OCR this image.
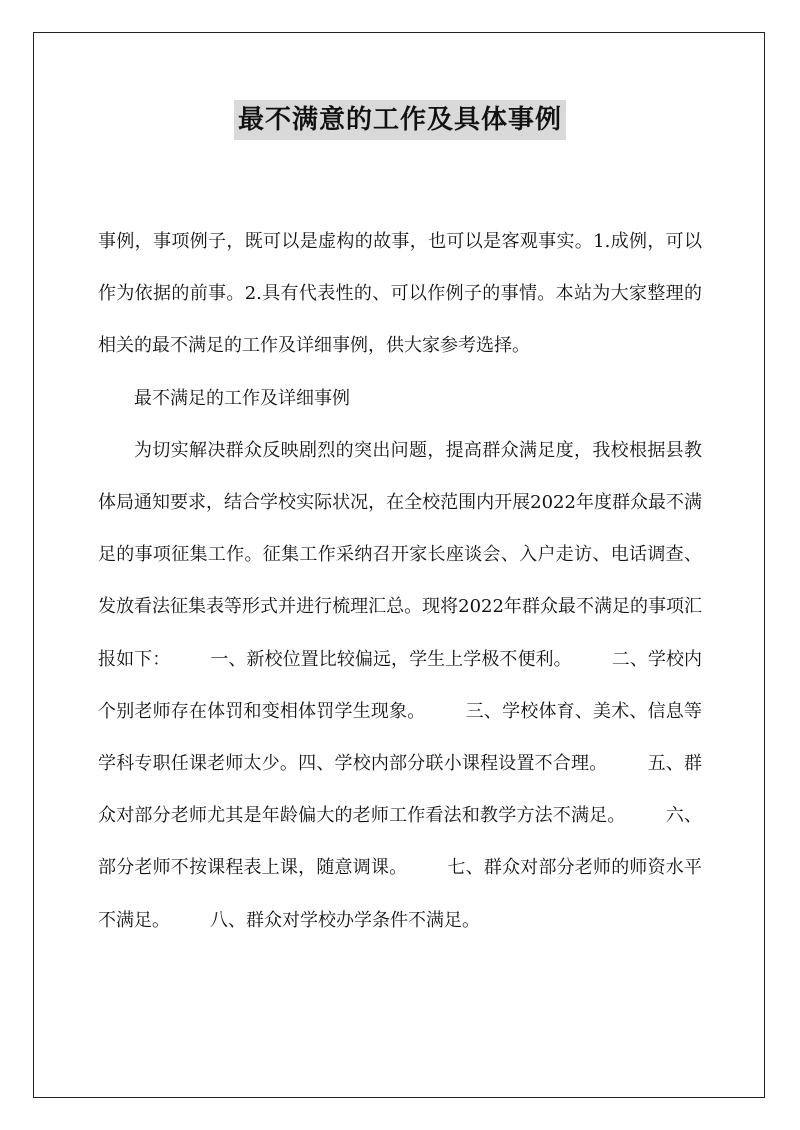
最不满意的工作及具体事例

事例，事项例子，既可以是虚构的故事，也可以是客观事实。1.成例，可以作为依据的前事。2.具有代表性的、可以作例子的事情。本站为大家整理的相关的最不满足的工作及详细事例，供大家参考选择。

最不满足的工作及详细事例

为切实解决群众反映剧烈的突出问题，提高群众满足度，我校根据县教体局通知要求，结合学校实际状况，在全校范围内开展2022年度群众最不满足的事项征集工作。征集工作采纳召开家长座谈会、入户走访、电话调查、发放看法征集表等形式并进行梳理汇总。现将2022年群众最不满足的事项汇报如下： 一、新校位置比较偏远，学生上学极不便利。 二、学校内个别老师存在体罚和变相体罚学生现象。 三、学校体育、美术、信息等学科专职任课老师太少。四、学校内部分联小课程设置不合理。 五、群众对部分老师尤其是年龄偏大的老师工作看法和教学方法不满足。 六、部分老师不按课程表上课，随意调课。 七、群众对部分老师的师资水平不满足。 八、群众对学校办学条件不满足。
